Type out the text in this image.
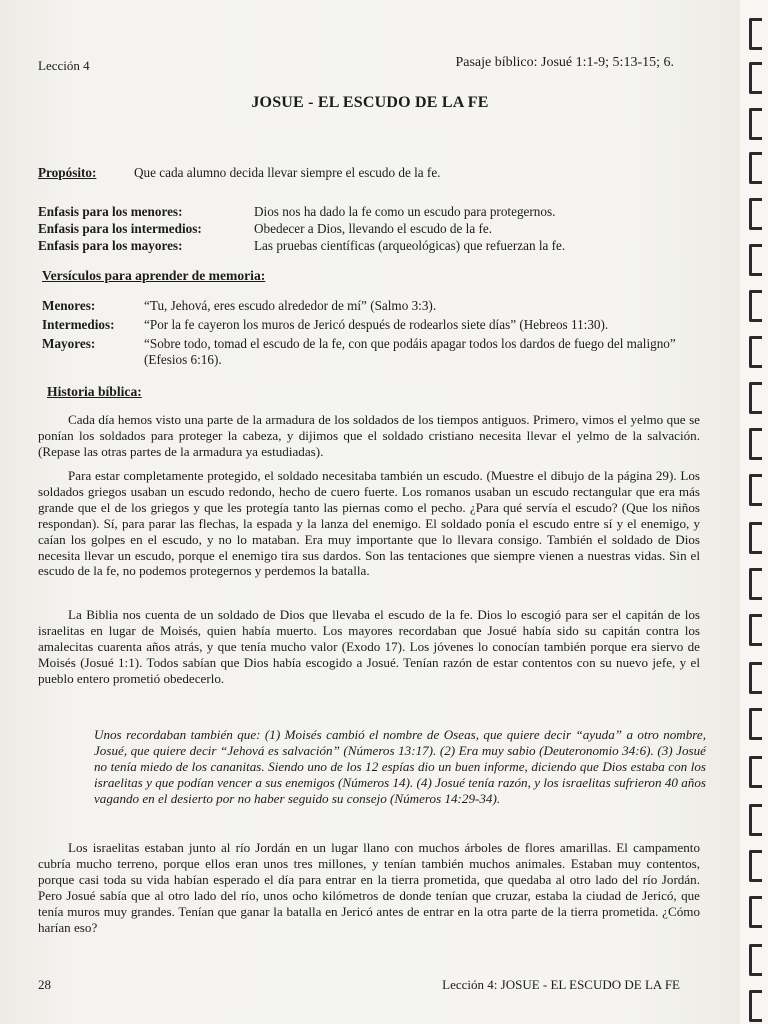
Lección 4	Pasaje bíblico: Josué 1:1-9; 5:13-15; 6.
JOSUE - EL ESCUDO DE LA FE
Propósito:	Que cada alumno decida llevar siempre el escudo de la fe.
Enfasis para los menores:	Dios nos ha dado la fe como un escudo para protegernos.
Enfasis para los intermedios:	Obedecer a Dios, llevando el escudo de la fe.
Enfasis para los mayores:	Las pruebas científicas (arqueológicas) que refuerzan la fe.
Versículos para aprender de memoria:
Menores:	“Tu, Jehová, eres escudo alrededor de mí” (Salmo 3:3).
Intermedios: “Por la fe cayeron los muros de Jericó después de rodearlos siete días” (Hebreos 11:30).
Mayores:	“Sobre todo, tomad el escudo de la fe, con que podáis apagar todos los dardos de fuego del maligno” (Efesios 6:16).
Historia bíblica:
Cada día hemos visto una parte de la armadura de los soldados de los tiempos antiguos. Primero, vimos el yelmo que se ponían los soldados para proteger la cabeza, y dijimos que el soldado cristiano necesita llevar el yelmo de la salvación. (Repase las otras partes de la armadura ya estudiadas).
Para estar completamente protegido, el soldado necesitaba también un escudo. (Muestre el dibujo de la página 29). Los soldados griegos usaban un escudo redondo, hecho de cuero fuerte. Los romanos usaban un escudo rectangular que era más grande que el de los griegos y que les protegía tanto las piernas como el pecho. ¿Para qué servía el escudo? (Que los niños respondan). Sí, para parar las flechas, la espada y la lanza del enemigo. El soldado ponía el escudo entre sí y el enemigo, y caían los golpes en el escudo, y no lo mataban. Era muy importante que lo llevara consigo. También el soldado de Dios necesita llevar un escudo, porque el enemigo tira sus dardos. Son las tentaciones que siempre vienen a nuestras vidas. Sin el escudo de la fe, no podemos protegernos y perdemos la batalla.
La Biblia nos cuenta de un soldado de Dios que llevaba el escudo de la fe. Dios lo escogió para ser el capitán de los israelitas en lugar de Moisés, quien había muerto. Los mayores recordaban que Josué había sido su capitán contra los amalecitas cuarenta años atrás, y que tenía mucho valor (Exodo 17). Los jóvenes lo conocían también porque era siervo de Moisés (Josué 1:1). Todos sabían que Dios había escogido a Josué. Tenían razón de estar contentos con su nuevo jefe, y el pueblo entero prometió obedecerlo.
Unos recordaban también que: (1) Moisés cambió el nombre de Oseas, que quiere decir “ayuda” a otro nombre, Josué, que quiere decir “Jehová es salvación” (Números 13:17). (2) Era muy sabio (Deuteronomio 34:6). (3) Josué no tenía miedo de los cananitas. Siendo uno de los 12 espías dio un buen informe, diciendo que Dios estaba con los israelitas y que podían vencer a sus enemigos (Números 14). (4) Josué tenía razón, y los israelitas sufrieron 40 años vagando en el desierto por no haber seguido su consejo (Números 14:29-34).
Los israelitas estaban junto al río Jordán en un lugar llano con muchos árboles de flores amarillas. El campamento cubría mucho terreno, porque ellos eran unos tres millones, y tenían también muchos animales. Estaban muy contentos, porque casi toda su vida habían esperado el día para entrar en la tierra prometida, que quedaba al otro lado del río Jordán. Pero Josué sabía que al otro lado del río, unos ocho kilómetros de donde tenían que cruzar, estaba la ciudad de Jericó, que tenía muros muy grandes. Tenían que ganar la batalla en Jericó antes de entrar en la otra parte de la tierra prometida. ¿Cómo harían eso?
28	Lección 4: JOSUE - EL ESCUDO DE LA FE
